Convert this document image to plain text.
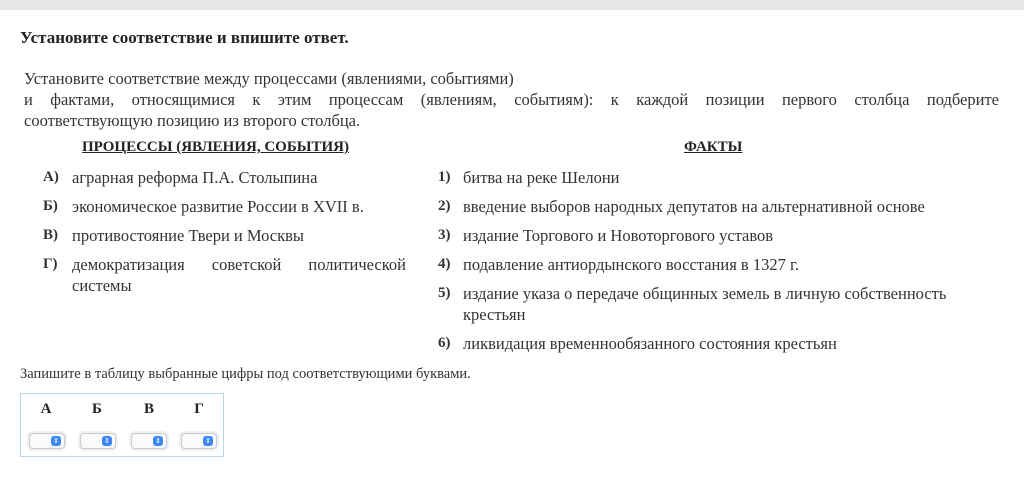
Установите соответствие и впишите ответ.
Установите соответствие между процессами (явлениями, событиями)
и фактами, относящимися к этим процессам (явлениям, событиям): к каждой позиции первого столбца подберите
соответствующую позицию из второго столбца.
ПРОЦЕССЫ (ЯВЛЕНИЯ, СОБЫТИЯ)	ФАКТЫ
А) аграрная реформа П.А. Столыпина
Б) экономическое развитие России в XVII в.
В) противостояние Твери и Москвы
Г) демократизация советской политической системы
1) битва на реке Шелони
2) введение выборов народных депутатов на альтернативной основе
3) издание Торгового и Новоторгового уставов
4) подавление антиордынского восстания в 1327 г.
5) издание указа о передаче общинных земель в личную собственность крестьян
6) ликвидация временнообязанного состояния крестьян
Запишите в таблицу выбранные цифры под соответствующими буквами.
А	Б	В	Г
⇕	⇕	⇕	⇕
